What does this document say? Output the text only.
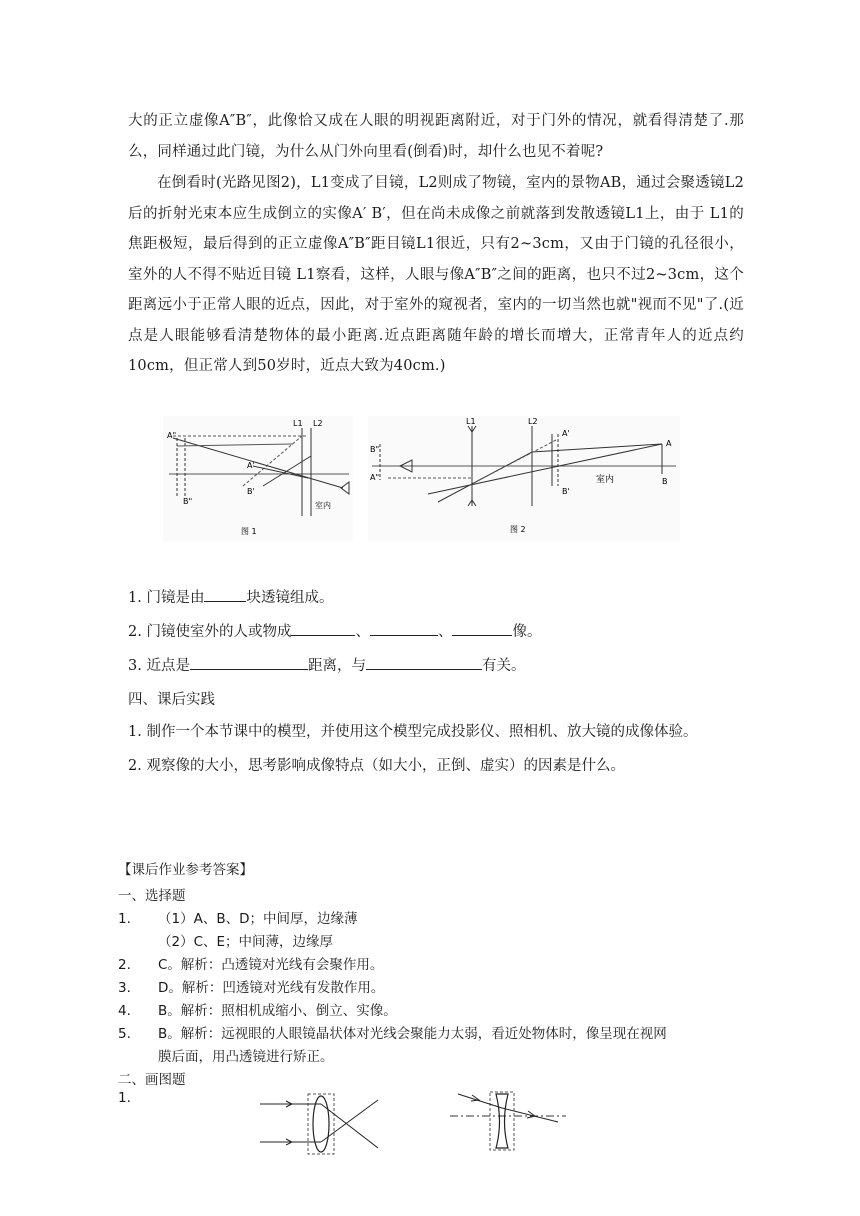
大的正立虚像A″B″，此像恰又成在人眼的明视距离附近，对于门外的情况，就看得清楚了.那么，同样通过此门镜，为什么从门外向里看(倒看)时，却什么也见不着呢?
在倒看时(光路见图2)，L1变成了目镜，L2则成了物镜，室内的景物AB，通过会聚透镜L2后的折射光束本应生成倒立的实像A′ B′，但在尚未成像之前就落到发散透镜L1上，由于 L1的焦距极短，最后得到的正立虚像A″B″距目镜L1很近，只有2~3cm，又由于门镜的孔径很小，室外的人不得不贴近目镜 L1察看，这样，人眼与像A″B″之间的距离，也只不过2~3cm，这个距离远小于正常人眼的近点，因此，对于室外的窥视者，室内的一切当然也就"视而不见"了.(近点是人眼能够看清楚物体的最小距离.近点距离随年龄的增长而增大，正常青年人的近点约10cm，但正常人到50岁时，近点大致为40cm.)
A"
B"
A'
B'
L1 L2
室内
图 1
B"
A"
L1	L2
A'
B'
室内
A
B
图 2
1. 门镜是由	块透镜组成。
2. 门镜使室外的人或物成	、	、	像。
3. 近点是	距离，与	有关。
四、课后实践
1. 制作一个本节课中的模型，并使用这个模型完成投影仪、照相机、放大镜的成像体验。
2. 观察像的大小，思考影响成像特点（如大小，正倒、虚实）的因素是什么。
【课后作业参考答案】
一、选择题
1. （1）A、B、D；中间厚，边缘薄
（2）C、E；中间薄，边缘厚
2. C。解析：凸透镜对光线有会聚作用。
3. D。解析：凹透镜对光线有发散作用。
4. B。解析：照相机成缩小、倒立、实像。
5. B。解析：远视眼的人眼镜晶状体对光线会聚能力太弱，看近处物体时，像呈现在视网
膜后面，用凸透镜进行矫正。
二、画图题
1.
